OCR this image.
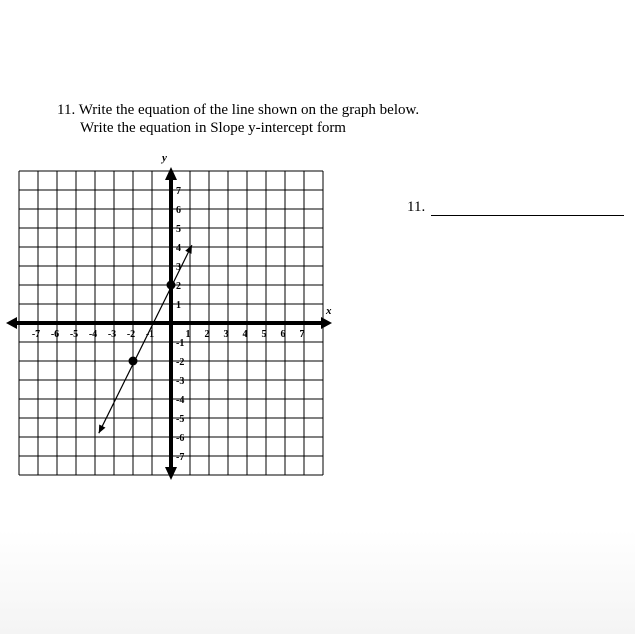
11. Write the equation of the line shown on the graph below.
Write the equation in Slope y-intercept form
x
y
-7 -6 -5 -4 -3 -2 -1	1 2 3 4 5 6 7
7
6
5
4
3
2
1
-1
-2
-3
-4
-5
-6
-7
11.
